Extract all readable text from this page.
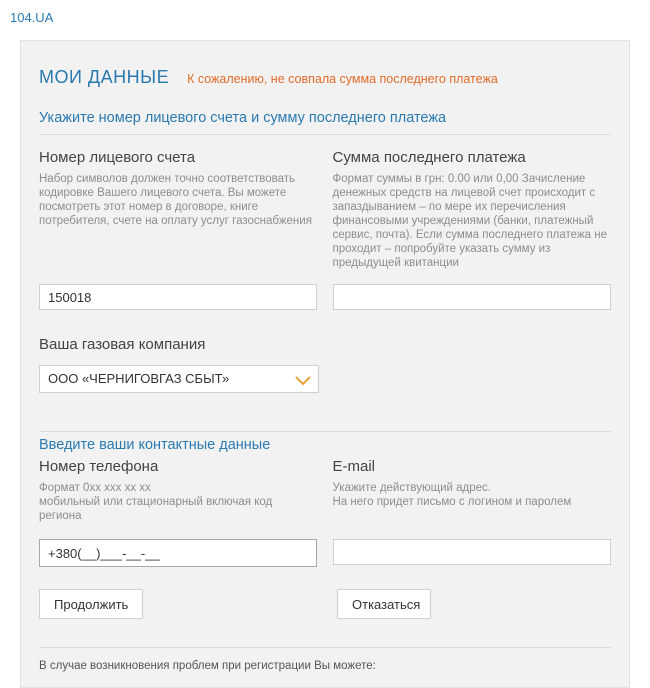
104.UA
МОИ ДАННЫЕ К сожалению, не совпала сумма последнего платежа
Укажите номер лицевого счета и сумму последнего платежа
Номер лицевого счета
Набор символов должен точно соответствовать кодировке Вашего лицевого счета. Вы можете посмотреть этот номер в договоре, книге потребителя, счете на оплату услуг газоснабжения
Сумма последнего платежа
Формат суммы в грн: 0.00 или 0,00 Зачисление денежных средств на лицевой счет происходит с запаздыванием – по мере их перечисления финансовыми учреждениями (банки, платежный сервис, почта). Если сумма последнего платежа не проходит – попробуйте указать сумму из предыдущей квитанции
150018
Ваша газовая компания
ООО «ЧЕРНИГОВГАЗ СБЫТ»
Введите ваши контактные данные
Номер телефона
Формат 0хх ххх хх хх
мобильный или стационарный включая код региона
E-mail
Укажите действующий адрес.
На него придет письмо с логином и паролем
+380(__)___-__-__
Продолжить	Отказаться
В случае возникновения проблем при регистрации Вы можете:
